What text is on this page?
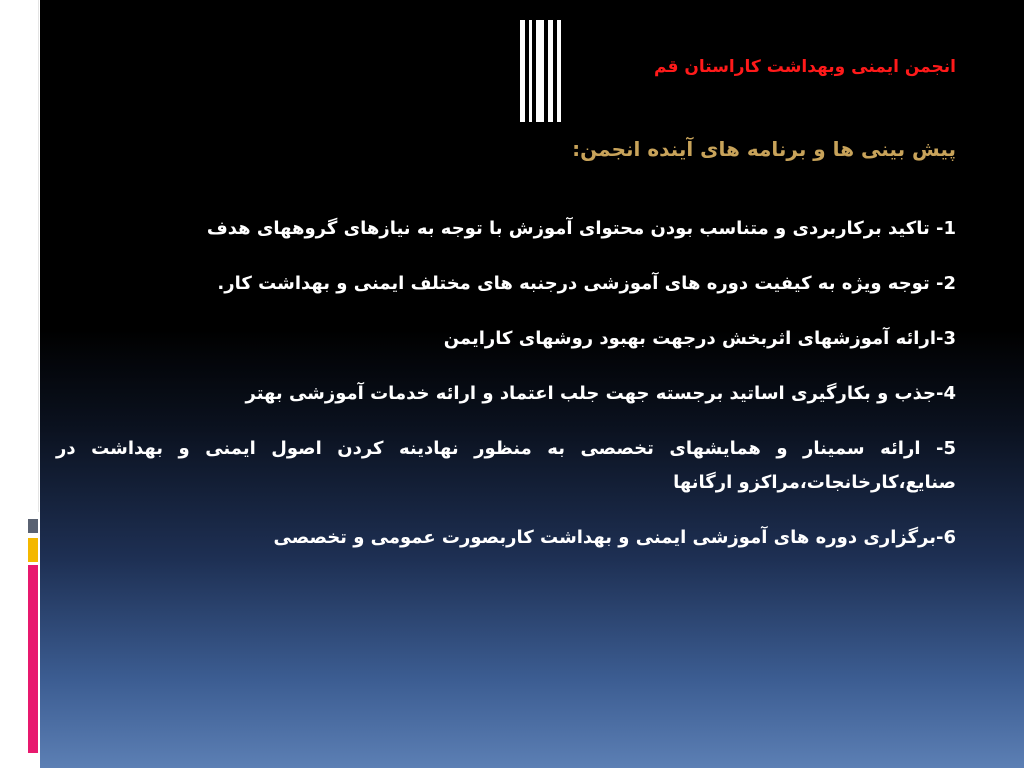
انجمن ایمنی وبهداشت کاراستان قم
پیش بینی ها و برنامه های آینده انجمن:
1- تاکید برکاربردی و متناسب بودن محتوای آموزش با توجه به نیازهای گروههای هدف
2- توجه ویژه به کیفیت دوره های آموزشی درجنبه های مختلف ایمنی و بهداشت کار.
3-ارائه آموزشهای اثربخش درجهت بهبود روشهای کارایمن
4-جذب و بکارگیری اساتید برجسته جهت جلب اعتماد و ارائه خدمات آموزشی بهتر
5- ارائه سمینار و همایشهای تخصصی به منظور نهادینه کردن اصول ایمنی و بهداشت در صنایع،کارخانجات،مراکزو ارگانها
6-برگزاری دوره های آموزشی ایمنی و بهداشت کاربصورت عمومی و تخصصی
